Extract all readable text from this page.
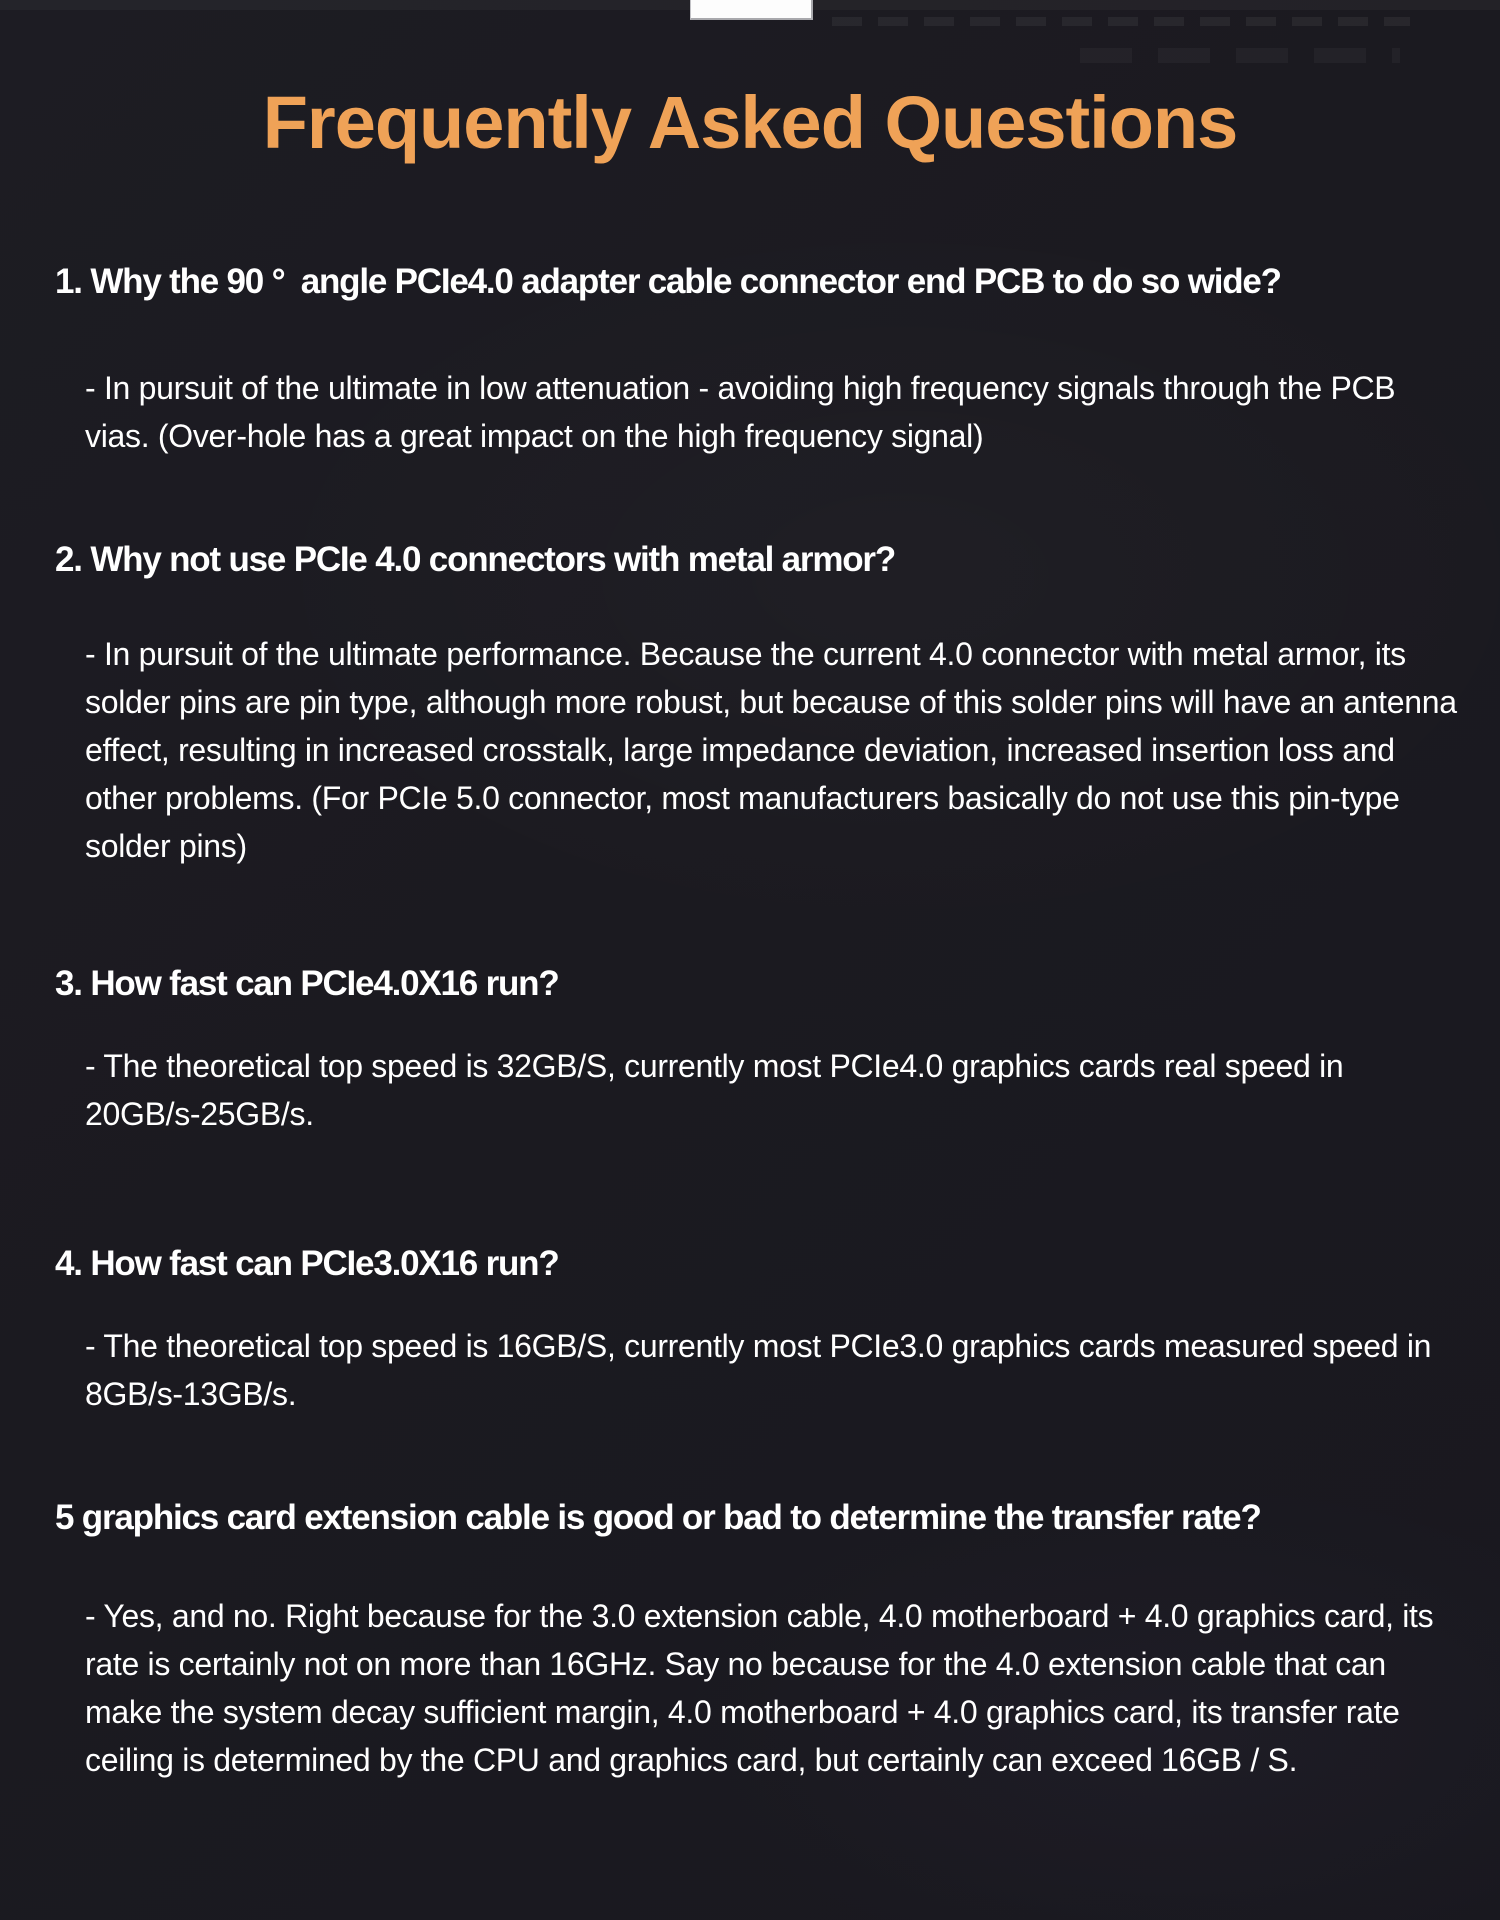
Frequently Asked Questions
1. Why the 90 ° angle PCIe4.0 adapter cable connector end PCB to do so wide?

- In pursuit of the ultimate in low attenuation - avoiding high frequency signals through the PCB vias. (Over-hole has a great impact on the high frequency signal)

2. Why not use PCIe 4.0 connectors with metal armor?

- In pursuit of the ultimate performance. Because the current 4.0 connector with metal armor, its solder pins are pin type, although more robust, but because of this solder pins will have an antenna effect, resulting in increased crosstalk, large impedance deviation, increased insertion loss and other problems. (For PCIe 5.0 connector, most manufacturers basically do not use this pin-type solder pins)

3. How fast can PCIe4.0X16 run?

- The theoretical top speed is 32GB/S, currently most PCIe4.0 graphics cards real speed in 20GB/s-25GB/s.

4. How fast can PCIe3.0X16 run?

- The theoretical top speed is 16GB/S, currently most PCIe3.0 graphics cards measured speed in 8GB/s-13GB/s.

5 graphics card extension cable is good or bad to determine the transfer rate?

- Yes, and no. Right because for the 3.0 extension cable, 4.0 motherboard + 4.0 graphics card, its rate is certainly not on more than 16GHz. Say no because for the 4.0 extension cable that can make the system decay sufficient margin, 4.0 motherboard + 4.0 graphics card, its transfer rate ceiling is determined by the CPU and graphics card, but certainly can exceed 16GB / S.
